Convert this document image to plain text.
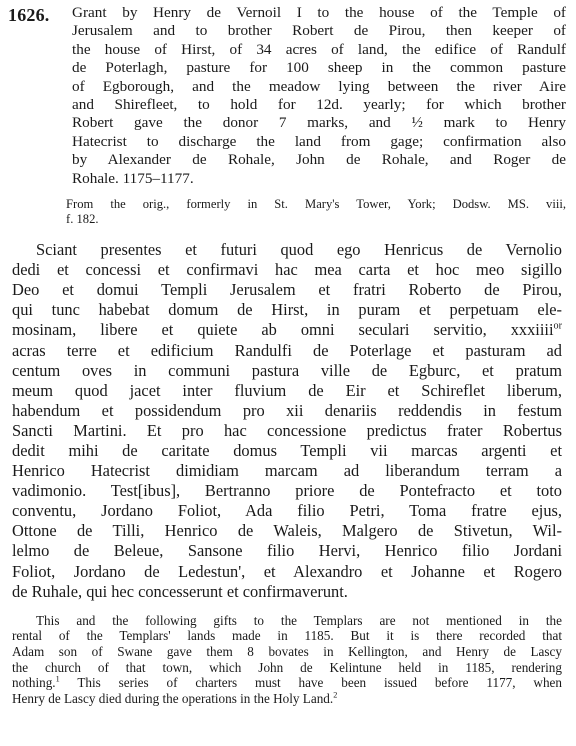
1626.	Grant by Henry de Vernoil I to the house of the Temple of
Jerusalem and to brother Robert de Pirou, then keeper of
the house of Hirst, of 34 acres of land, the edifice of Randulf
de Poterlagh, pasture for 100 sheep in the common pasture
of Egborough, and the meadow lying between the river Aire
and Shirefleet, to hold for 12d. yearly; for which brother
Robert gave the donor 7 marks, and ½ mark to Henry
Hatecrist to discharge the land from gage; confirmation also
by Alexander de Rohale, John de Rohale, and Roger de
Rohale. 1175–1177.
From the orig., formerly in St. Mary's Tower, York; Dodsw. MS. viii,
f. 182.
Sciant presentes et futuri quod ego Henricus de Vernolio
dedi et concessi et confirmavi hac mea carta et hoc meo sigillo
Deo et domui Templi Jerusalem et fratri Roberto de Pirou,
qui tunc habebat domum de Hirst, in puram et perpetuam ele-
mosinam, libere et quiete ab omni seculari servitio, xxxiiii$^{or}$
acras terre et edificium Randulfi de Poterlage et pasturam ad
centum oves in communi pastura ville de Egburc, et pratum
meum quod jacet inter fluvium de Eir et Schireflet liberum,
habendum et possidendum pro xii denariis reddendis in festum
Sancti Martini. Et pro hac concessione predictus frater Robertus
dedit mihi de caritate domus Templi vii marcas argenti et
Henrico Hatecrist dimidiam marcam ad liberandum terram a
vadimonio. Test[ibus], Bertranno priore de Pontefracto et toto
conventu, Jordano Foliot, Ada filio Petri, Toma fratre ejus,
Ottone de Tilli, Henrico de Waleis, Malgero de Stivetun, Wil-
lelmo de Beleue, Sansone filio Hervi, Henrico filio Jordani
Foliot, Jordano de Ledestun', et Alexandro et Johanne et Rogero
de Ruhale, qui hec concesserunt et confirmaverunt.
This and the following gifts to the Templars are not mentioned in the
rental of the Templars' lands made in 1185. But it is there recorded that
Adam son of Swane gave them 8 bovates in Kellington, and Henry de Lascy
the church of that town, which John de Kelintune held in 1185, rendering
nothing.$^1$ This series of charters must have been issued before 1177, when
Henry de Lascy died during the operations in the Holy Land.$^2$
